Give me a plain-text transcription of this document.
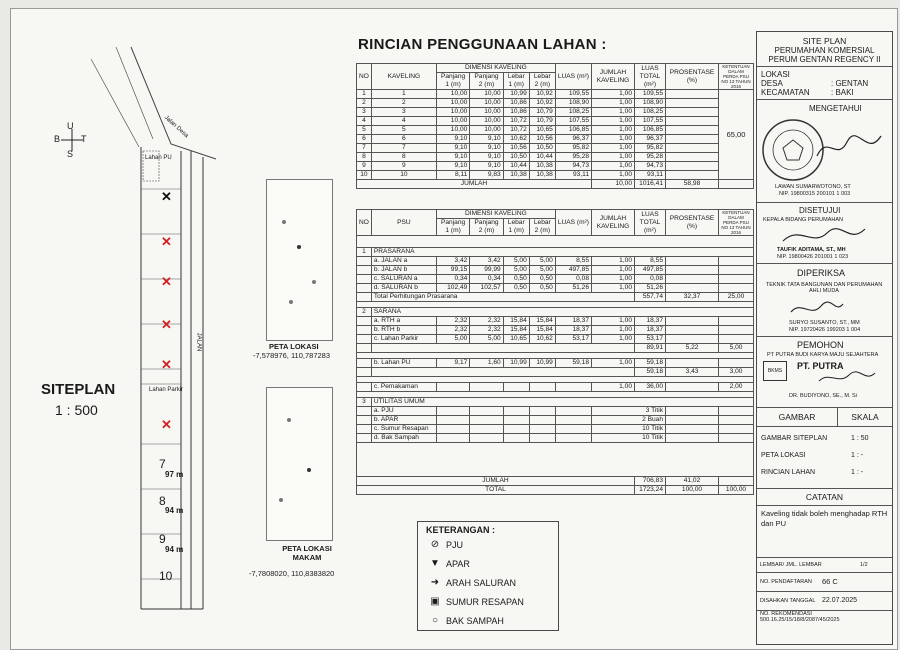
RINCIAN PENGGUNAAN LAHAN :
U
B T
S
SITEPLAN
1 : 500
Jalan Desa
Lahan PU
Lahan Parkir
JALAN
✕
✕
✕
✕
✕
✕
7
8
9
10
97 m
94 m
94 m
PETA LOKASI
-7,578976, 110,787283
PETA LOKASI MAKAM
-7,7808020, 110,8383820
NO	KAVELING	DIMENSI KAVELING				LUAS (m²)	JUMLAH KAVELING	LUAS TOTAL (m²)	PROSENTASE (%)	KETENTUAN DALAM PERDA PSU NO 13 TAHUN 2016
		Panjang 1 (m)	Panjang 2 (m)	Lebar 1 (m)	Lebar 2 (m)					
1	1	10,00	10,00	10,99	10,92	109,55	1,00	109,55		65,00
2	2	10,00	10,00	10,86	10,92	108,90	1,00	108,90		
3	3	10,00	10,00	10,86	10,79	108,25	1,00	108,25		
4	4	10,00	10,00	10,72	10,79	107,55	1,00	107,55		
5	5	10,00	10,00	10,72	10,65	106,85	1,00	106,85		
6	6	9,10	9,10	10,62	10,56	96,37	1,00	96,37		
7	7	9,10	9,10	10,56	10,50	95,82	1,00	95,82		
8	8	9,10	9,10	10,50	10,44	95,28	1,00	95,28		
9	9	9,10	9,10	10,44	10,38	94,73	1,00	94,73		
10	10	8,11	9,83	10,38	10,38	93,11	1,00	93,11		
JUMLAH							10,00	1016,41	58,98	
NO	PSU	DIMENSI KAVELING				LUAS (m²)	JUMLAH KAVELING	LUAS TOTAL (m²)	PROSENTASE (%)	KETENTUAN DALAM PERDA PSU NO 13 TAHUN 2016
		Panjang 1 (m)	Panjang 2 (m)	Lebar 1 (m)	Lebar 2 (m)					

1	PRASARANA									
	a. JALAN a	3,42	3,42	5,00	5,00	8,55	1,00	8,55		
	b. JALAN b	99,15	99,99	5,00	5,00	497,85	1,00	497,85		
	c. SALURAN a	0,34	0,34	0,50	0,50	0,08	1,00	0,08		
	d. SALURAN b	102,49	102,57	0,50	0,50	51,26	1,00	51,26		
	Total Perhitungan Prasarana							557,74	32,37	25,00

2	SARANA									
	a. RTH a	2,32	2,32	15,84	15,84	18,37	1,00	18,37		
	b. RTH b	2,32	2,32	15,84	15,84	18,37	1,00	18,37		
	c. Lahan Parkir	5,00	5,00	10,65	10,62	53,17	1,00	53,17		
								89,91	5,22	5,00

	b. Lahan PU	9,17	1,60	10,99	10,99	59,18	1,00	59,18		
								59,18	3,43	3,00

	c. Pemakaman						1,00	36,00		2,00

3	UTILITAS UMUM									
	a. PJU						3 Titik			
	b. APAR						2 Buah			
	c. Sumur Resapan						10 Titik			
	d. Bak Sampah						10 Titik			

JUMLAH								706,83	41,02	
TOTAL								1723,24	100,00	100,00
KETERANGAN :
⊘ PJU
▼ APAR
➜ ARAH SALURAN
▣ SUMUR RESAPAN
○ BAK SAMPAH
SITE PLAN
PERUMAHAN KOMERSIAL
PERUM GENTAN REGENCY II
LOKASI
DESA	: GENTAN
KECAMATAN	: BAKI
MENGETAHUI
LAWAN SUMARWOTONO, ST
NIP. 19800315 200101 1 003
DISETUJUI
KEPALA BIDANG PERUMAHAN
TAUFIK ADITAMA, ST., MH
NIP. 19800426 201001 1 023
DIPERIKSA
TEKNIK TATA BANGUNAN DAN PERUMAHAN AHLI MUDA
SURYO SUSANTO, ST., MM
NIP. 19720426 199203 1 004
PEMOHON
PT PUTRA BUDI KARYA MAJU SEJAHTERA
BKMS	PT. PUTRA
DR. BUDIYONO, SE., M. Si
GAMBAR	SKALA
GAMBAR SITEPLAN	1 : 50
PETA LOKASI	1 : -
RINCIAN LAHAN	1 : -
CATATAN
Kaveling tidak boleh menghadap RTH dan PU
LEMBAR/ JML. LEMBAR	1/2
NO. PENDAFTARAN	66 C
DISAHKAN TANGGAL 22.07.2025
NO. REKOMENDASI
500.16.25/15/18/8/2087/45/2025
